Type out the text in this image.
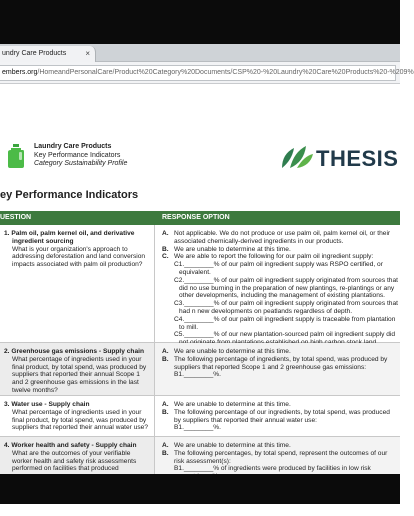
undry Care Products ×
embers.org/HomeandPersonalCare/Product%20Category%20Documents/CSP%20-%20Laundry%20Care%20Products%20-%209%
Laundry Care Products
Key Performance Indicators
Category Sustainability Profile	THESIS
ey Performance Indicators
UESTION	RESPONSE OPTION
1. Palm oil, palm kernel oil, and derivative ingredient sourcing
What is your organization's approach to addressing deforestation and land conversion impacts associated with palm oil production?
A. Not applicable. We do not produce or use palm oil, palm kernel oil, or their associated chemically-derived ingredients in our products.
B. We are unable to determine at this time.
C. We are able to report the following for our palm oil ingredient supply:
C1.________% of our palm oil ingredient supply was RSPO certified, or equivalent.
C2.________% of our palm oil ingredient supply originated from sources that did no use burning in the preparation of new plantings, re-plantings or any other developments, including the management of existing plantations.
C3.________% of our palm oil ingredient supply originated from sources that had n new developments on peatlands regardless of depth.
C4.________% of our palm oil ingredient supply is traceable from plantation to mill.
C5.________% of our new plantation-sourced palm oil ingredient supply did
2. Greenhouse gas emissions - Supply chain
What percentage of ingredients used in your final product, by total spend, was produced by suppliers that reported their annual Scope 1 and 2 greenhouse gas emissions in the last twelve months?
A. We are unable to determine at this time.
B. The following percentage of ingredients, by total spend, was produced by suppliers that reported Scope 1 and 2 greenhouse gas emissions:
B1.________%.
3. Water use - Supply chain
What percentage of ingredients used in your final product, by total spend, was produced by suppliers that reported their annual water use?
A. We are unable to determine at this time.
B. The following percentage of our ingredients, by total spend, was produced by suppliers that reported their annual water use:
B1.________%.
4. Worker health and safety - Supply chain
What are the outcomes of your verifiable worker health and safety risk assessments performed on facilities that produced
A. We are unable to determine at this time.
B. The following percentages, by total spend, represent the outcomes of our risk assessment(s):
B1.________% of ingredients were produced by facilities in low risk
